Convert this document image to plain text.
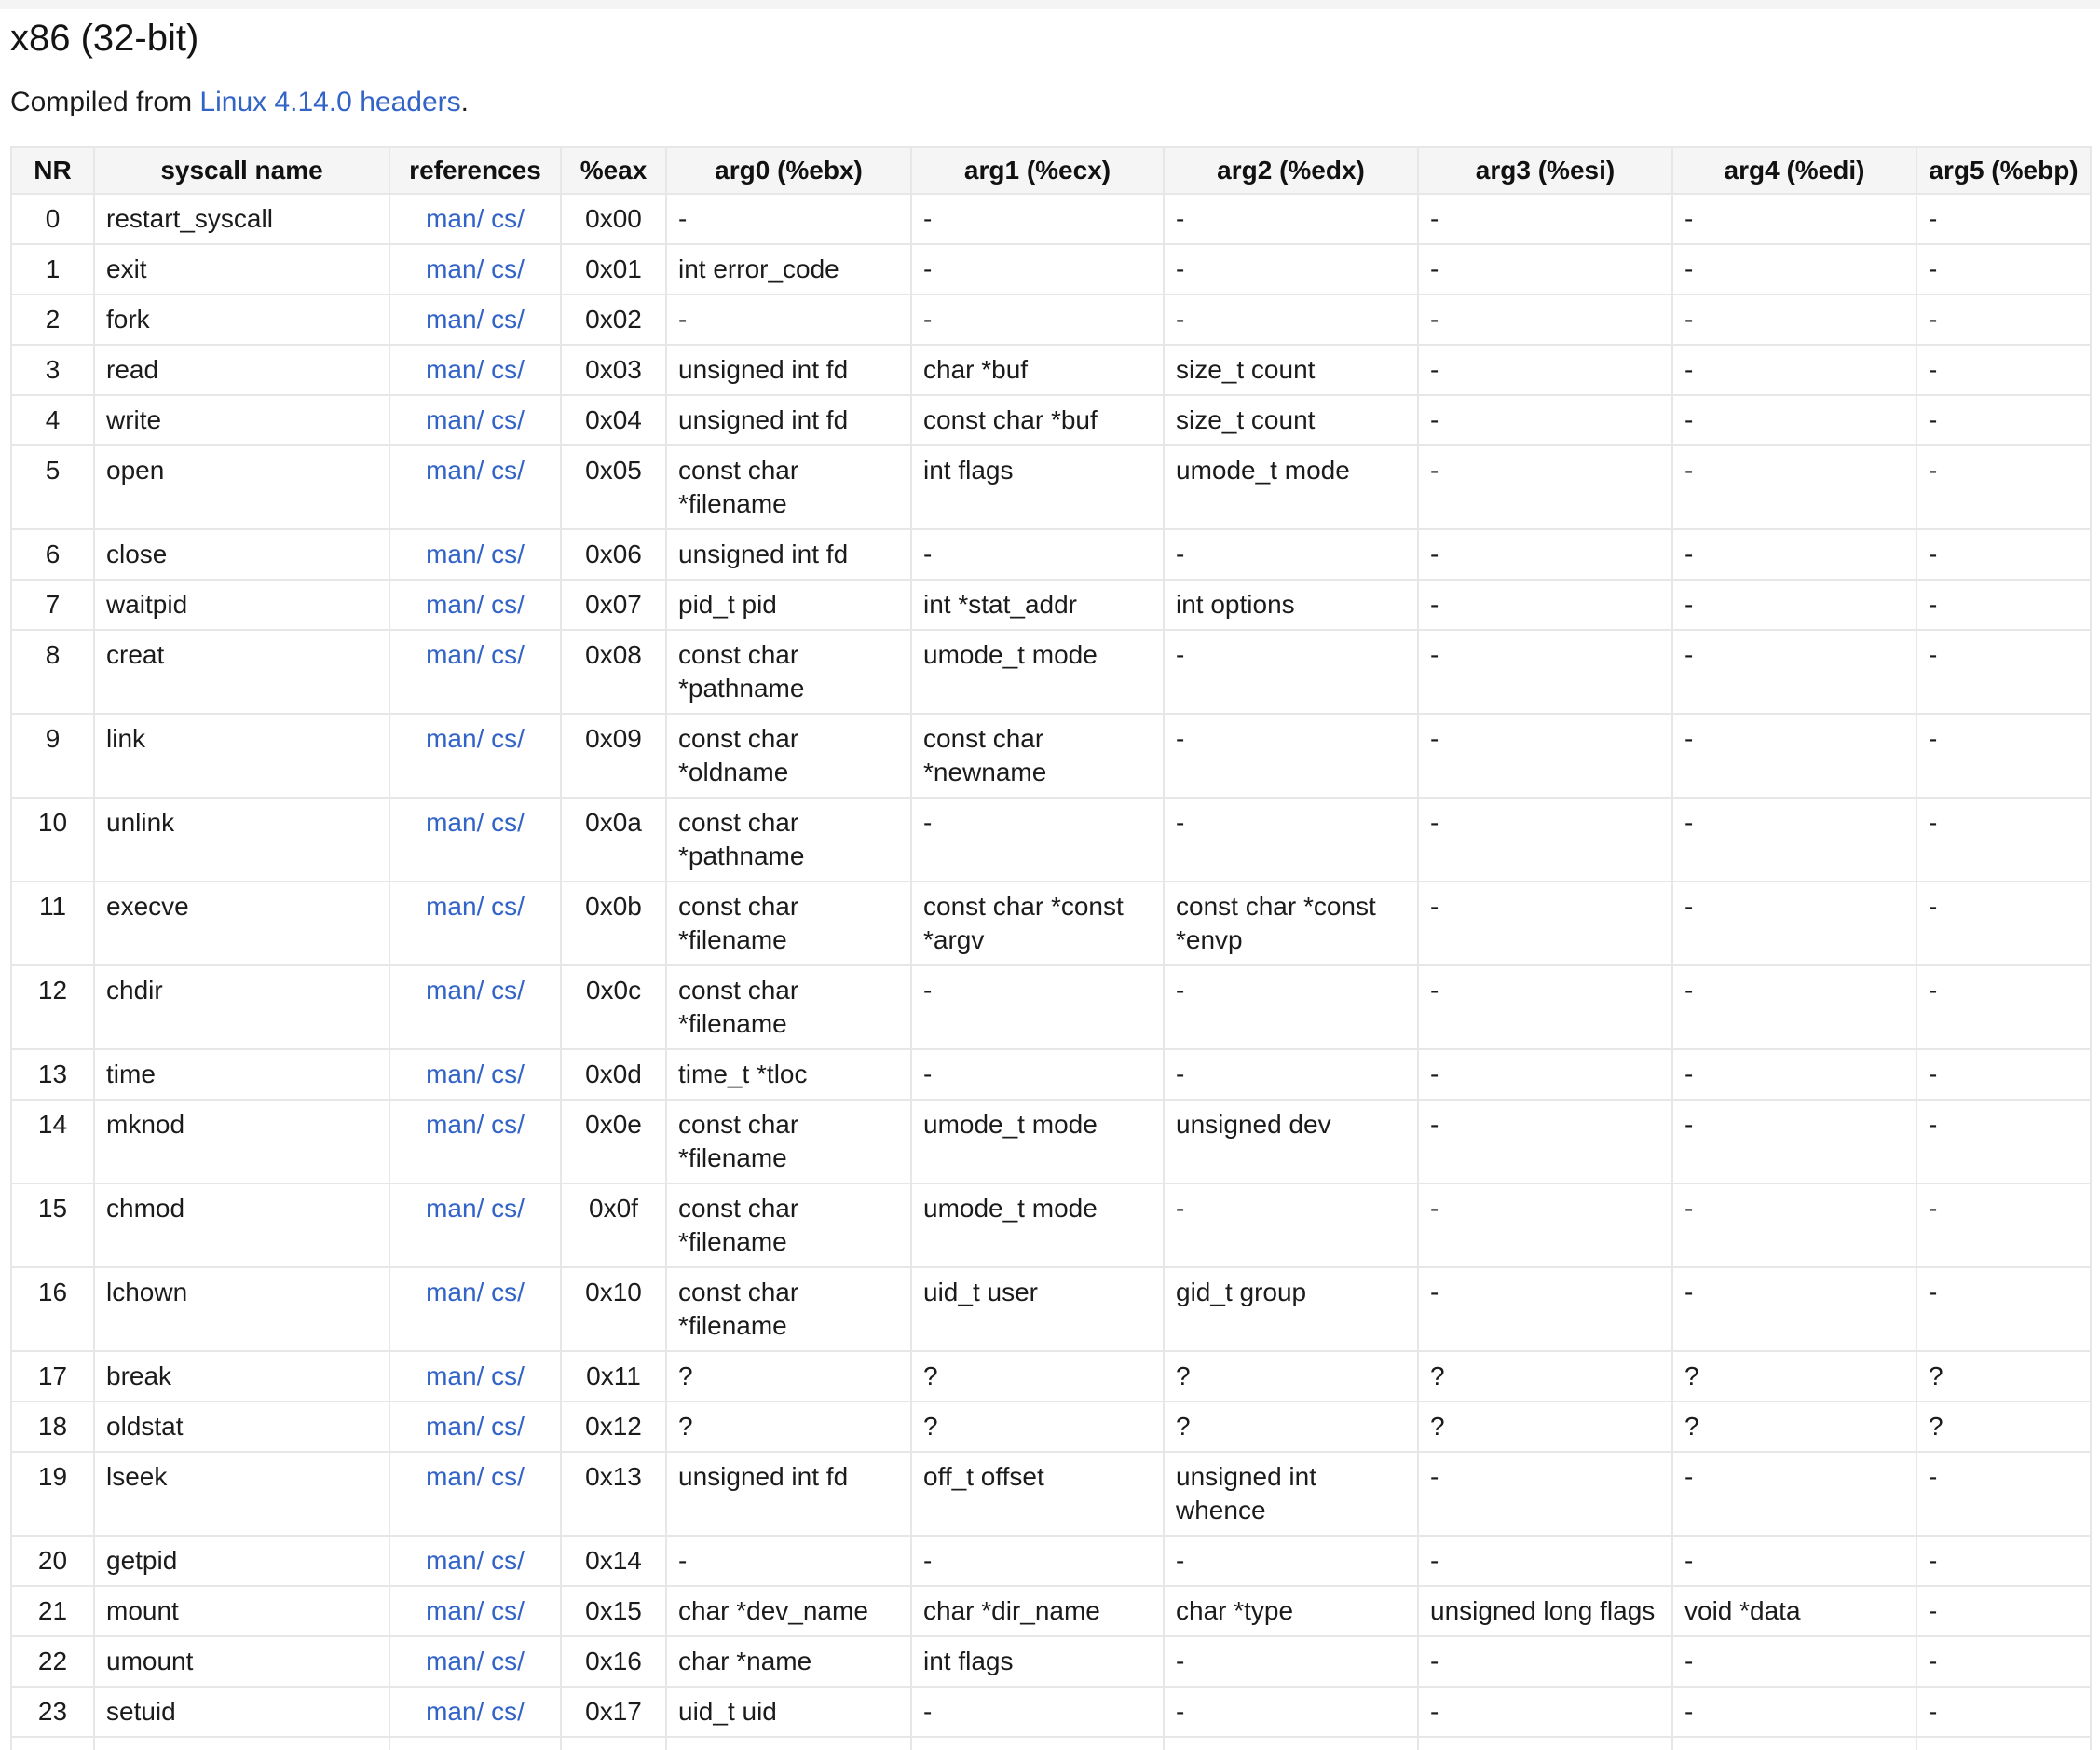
x86 (32-bit)

Compiled from Linux 4.14.0 headers.

NR	syscall name	references	%eax	arg0 (%ebx)	arg1 (%ecx)	arg2 (%edx)	arg3 (%esi)	arg4 (%edi)	arg5 (%ebp)
0	restart_syscall	man/ cs/	0x00	-	-	-	-	-	-
1	exit	man/ cs/	0x01	int error_code	-	-	-	-	-
2	fork	man/ cs/	0x02	-	-	-	-	-	-
3	read	man/ cs/	0x03	unsigned int fd	char *buf	size_t count	-	-	-
4	write	man/ cs/	0x04	unsigned int fd	const char *buf	size_t count	-	-	-
5	open	man/ cs/	0x05	const char *filename	int flags	umode_t mode	-	-	-
6	close	man/ cs/	0x06	unsigned int fd	-	-	-	-	-
7	waitpid	man/ cs/	0x07	pid_t pid	int *stat_addr	int options	-	-	-
8	creat	man/ cs/	0x08	const char *pathname	umode_t mode	-	-	-	-
9	link	man/ cs/	0x09	const char *oldname	const char *newname	-	-	-	-
10	unlink	man/ cs/	0x0a	const char *pathname	-	-	-	-	-
11	execve	man/ cs/	0x0b	const char *filename	const char *const *argv	const char *const *envp	-	-	-
12	chdir	man/ cs/	0x0c	const char *filename	-	-	-	-	-
13	time	man/ cs/	0x0d	time_t *tloc	-	-	-	-	-
14	mknod	man/ cs/	0x0e	const char *filename	umode_t mode	unsigned dev	-	-	-
15	chmod	man/ cs/	0x0f	const char *filename	umode_t mode	-	-	-	-
16	lchown	man/ cs/	0x10	const char *filename	uid_t user	gid_t group	-	-	-
17	break	man/ cs/	0x11	?	?	?	?	?	?
18	oldstat	man/ cs/	0x12	?	?	?	?	?	?
19	lseek	man/ cs/	0x13	unsigned int fd	off_t offset	unsigned int whence	-	-	-
20	getpid	man/ cs/	0x14	-	-	-	-	-	-
21	mount	man/ cs/	0x15	char *dev_name	char *dir_name	char *type	unsigned long flags	void *data	-
22	umount	man/ cs/	0x16	char *name	int flags	-	-	-	-
23	setuid	man/ cs/	0x17	uid_t uid	-	-	-	-	-
